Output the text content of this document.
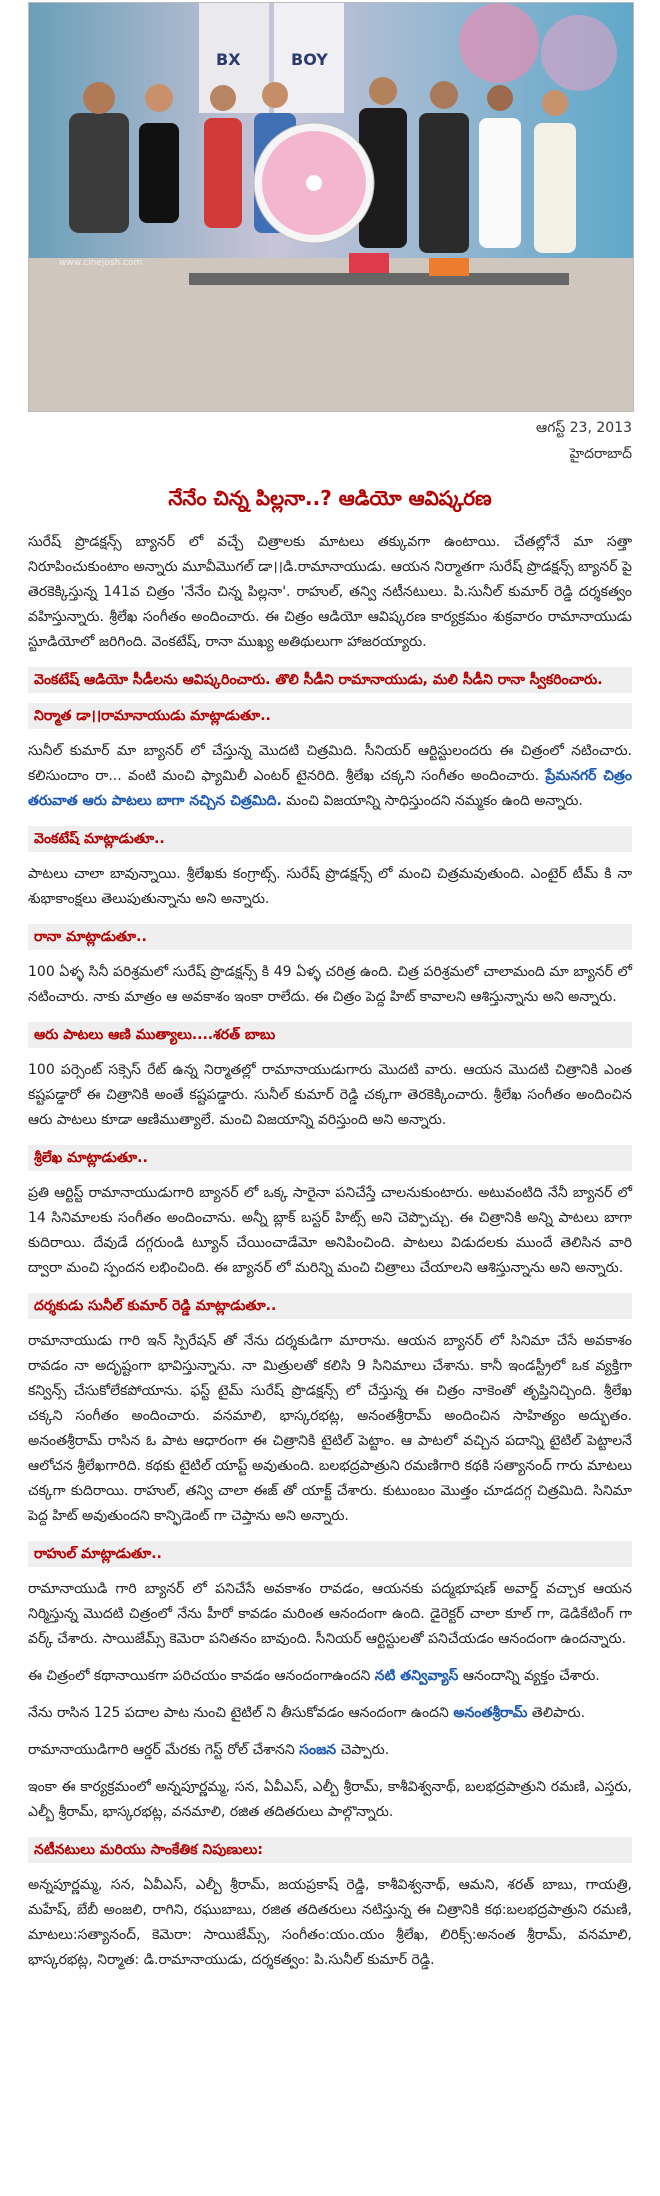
BX	BOY
www.cinejosh.com
ఆగస్ట్ 23, 2013
హైదరాబాద్
నేనేం చిన్న పిల్లనా..? ఆడియో ఆవిష్కరణ

సురేష్ ప్రొడక్షన్స్ బ్యానర్ లో వచ్చే చిత్రాలకు మాటలు తక్కువగా ఉంటాయి. చేతల్లోనే మా సత్తా నిరూపించుకుంటాం అన్నారు మూవీమొగల్ డా।।డి.రామానాయుడు. ఆయన నిర్మాతగా సురేష్ ప్రొడక్షన్స్ బ్యానర్ పై తెరకెక్కిస్తున్న 141వ చిత్రం 'నేనేం చిన్న పిల్లనా'. రాహుల్, తన్వి నటీనటులు. పి.సునీల్ కుమార్ రెడ్డి దర్శకత్వం వహిస్తున్నారు. శ్రీలేఖ సంగీతం అందించారు. ఈ చిత్రం ఆడియో ఆవిష్కరణ కార్యక్రమం శుక్రవారం రామానాయుడు స్టూడియోలో జరిగింది. వెంకటేష్, రానా ముఖ్య అతిథులుగా హాజరయ్యారు.

వెంకటేష్ ఆడియో సీడీలను ఆవిష్కరించారు. తొలి సీడీని రామానాయుడు, మలి సీడీని రానా స్వీకరించారు.
నిర్మాత డా।।రామానాయుడు మాట్లాడుతూ..

సునీల్ కుమార్ మా బ్యానర్ లో చేస్తున్న మొదటి చిత్రమిది. సీనియర్ ఆర్టిస్టులందరు ఈ చిత్రంలో నటించారు. కలిసుందాం రా... వంటి మంచి ఫ్యామిలీ ఎంటర్ టైనరిది. శ్రీలేఖ చక్కని సంగీతం అందించారు. ప్రేమనగర్ చిత్రం తరువాత ఆరు పాటలు బాగా నచ్చిన చిత్రమిది. మంచి విజయాన్ని సాధిస్తుందని నమ్మకం ఉంది అన్నారు.

వెంకటేష్ మాట్లాడుతూ..

పాటలు చాలా బావున్నాయి. శ్రీలేఖకు కంగ్రాట్స్. సురేష్ ప్రొడక్షన్స్ లో మంచి చిత్రమవుతుంది. ఎంటైర్ టీమ్ కి నా శుభాకాంక్షలు తెలుపుతున్నాను అని అన్నారు.

రానా మాట్లాడుతూ..

100 ఏళ్ళ సినీ పరిశ్రమలో సురేష్ ప్రొడక్షన్స్ కి 49 ఏళ్ళ చరిత్ర ఉంది. చిత్ర పరిశ్రమలో చాలామంది మా బ్యానర్ లో నటించారు. నాకు మాత్రం ఆ అవకాశం ఇంకా రాలేదు. ఈ చిత్రం పెద్ద హిట్ కావాలని ఆశిస్తున్నాను అని అన్నారు.

ఆరు పాటలు ఆణి ముత్యాలు....శరత్ బాబు

100 పర్సెంట్ సక్సెస్ రేట్ ఉన్న నిర్మాతల్లో రామానాయుడుగారు మొదటి వారు. ఆయన మొదటి చిత్రానికి ఎంత కష్టపడ్డారో ఈ చిత్రానికి అంతే కష్టపడ్డారు. సునీల్ కుమార్ రెడ్డి చక్కగా తెరకెక్కించారు. శ్రీలేఖ సంగీతం అందించిన ఆరు పాటలు కూడా ఆణిముత్యాలే. మంచి విజయాన్ని వరిస్తుంది అని అన్నారు.

శ్రీలేఖ మాట్లాడుతూ..

ప్రతి ఆర్టిస్ట్ రామానాయుడుగారి బ్యానర్ లో ఒక్క సారైనా పనిచేస్తే చాలనుకుంటారు. అటువంటిది నేనీ బ్యానర్ లో 14 సినిమాలకు సంగీతం అందించాను. అన్నీ బ్లాక్ బస్టర్ హిట్స్ అని చెప్పొచ్చు. ఈ చిత్రానికి అన్ని పాటలు బాగా కుదిరాయి. దేవుడే దగ్గరుండి ట్యూన్ చేయించాడేమో అనిపించింది. పాటలు విడుదలకు ముందే తెలిసిన వారి ద్వారా మంచి స్పందన లభించింది. ఈ బ్యానర్ లో మరిన్ని మంచి చిత్రాలు చేయాలని ఆశిస్తున్నాను అని అన్నారు.

దర్శకుడు సునీల్ కుమార్ రెడ్డి మాట్లాడుతూ..

రామానాయుడు గారి ఇన్ స్పిరేషన్ తో నేను దర్శకుడిగా మారాను. ఆయన బ్యానర్ లో సినిమా చేసే అవకాశం రావడం నా అదృష్టంగా భావిస్తున్నాను. నా మిత్రులతో కలిసి 9 సినిమాలు చేశాను. కానీ ఇండస్ట్రీలో ఒక వ్యక్తిగా కన్విన్స్ చేసుకోలేకపోయాను. ఫస్ట్ టైమ్ సురేష్ ప్రొడక్షన్స్ లో చేస్తున్న ఈ చిత్రం నాకెంతో తృప్తినిచ్చింది. శ్రీలేఖ చక్కని సంగీతం అందించారు. వనమాలి, భాస్కరభట్ల, అనంతశ్రీరామ్ అందించిన సాహిత్యం అద్భుతం. అనంతశ్రీరామ్ రాసిన ఓ పాట ఆధారంగా ఈ చిత్రానికి టైటిల్ పెట్టాం. ఆ పాటలో వచ్చిన పదాన్ని టైటిల్ పెట్టాలనే ఆలోచన శ్రీలేఖగారిది. కథకు టైటిల్ యాప్ట్ అవుతుంది. బలభద్రపాత్రుని రమణిగారి కథకి సత్యానంద్ గారు మాటలు చక్కగా కుదిరాయి. రాహుల్, తన్వి చాలా ఈజ్ తో యాక్ట్ చేశారు. కుటుంబం మొత్తం చూడదగ్గ చిత్రమిది. సినిమా పెద్ద హిట్ అవుతుందని కాన్ఫిడెంట్ గా చెప్తాను అని అన్నారు.

రాహుల్ మాట్లాడుతూ..

రామానాయుడి గారి బ్యానర్ లో పనిచేసే అవకాశం రావడం, ఆయనకు పద్మభూషణ్ అవార్డ్ వచ్చాక ఆయన నిర్మిస్తున్న మొదటి చిత్రంలో నేను హీరో కావడం మరింత ఆనందంగా ఉంది. డైరెక్టర్ చాలా కూల్ గా, డెడికేటింగ్ గా వర్క్ చేశారు. సాయిజేమ్స్ కెమెరా పనితనం బావుంది. సీనియర్ ఆర్టిస్టులతో పనిచేయడం ఆనందంగా ఉందన్నారు.

ఈ చిత్రంలో కథానాయికగా పరిచయం కావడం ఆనందంగాఉందని నటి తన్వివ్యాస్ ఆనందాన్ని వ్యక్తం చేశారు.

నేను రాసిన 125 పదాల పాట నుంచి టైటిల్ ని తీసుకోవడం ఆనందంగా ఉందని అనంతశ్రీరామ్ తెలిపారు.

రామానాయుడిగారి ఆర్డర్ మేరకు గెస్ట్ రోల్ చేశానని సంజన చెప్పారు.

ఇంకా ఈ కార్యక్రమంలో అన్నపూర్ణమ్మ, సన, ఏవీఎస్, ఎల్బీ శ్రీరామ్, కాశీవిశ్వనాథ్, బలభద్రపాత్రుని రమణి, ఎస్తరు, ఎల్బీ శ్రీరామ్, భాస్కరభట్ల, వనమాలి, రజిత తదితరులు పాల్గొన్నారు.

నటీనటులు మరియు సాంకేతిక నిపుణులు:

అన్నపూర్ణమ్మ, సన, ఏవీఎస్, ఎల్బీ శ్రీరామ్, జయప్రకాష్ రెడ్డి, కాశీవిశ్వనాథ్, ఆమని, శరత్ బాబు, గాయత్రి, మహేష్, బేబీ అంజలి, రాగిని, రఘుబాబు, రజిత తదితరులు నటిస్తున్న ఈ చిత్రానికి కథ:బలభద్రపాత్రుని రమణి, మాటలు:సత్యానంద్, కెమెరా: సాయిజేమ్స్, సంగీతం:యం.యం శ్రీలేఖ, లిరిక్స్:అనంత శ్రీరామ్, వనమాలి, భాస్కరభట్ల, నిర్మాత: డి.రామానాయుడు, దర్శకత్వం: పి.సునీల్ కుమార్ రెడ్డి.
